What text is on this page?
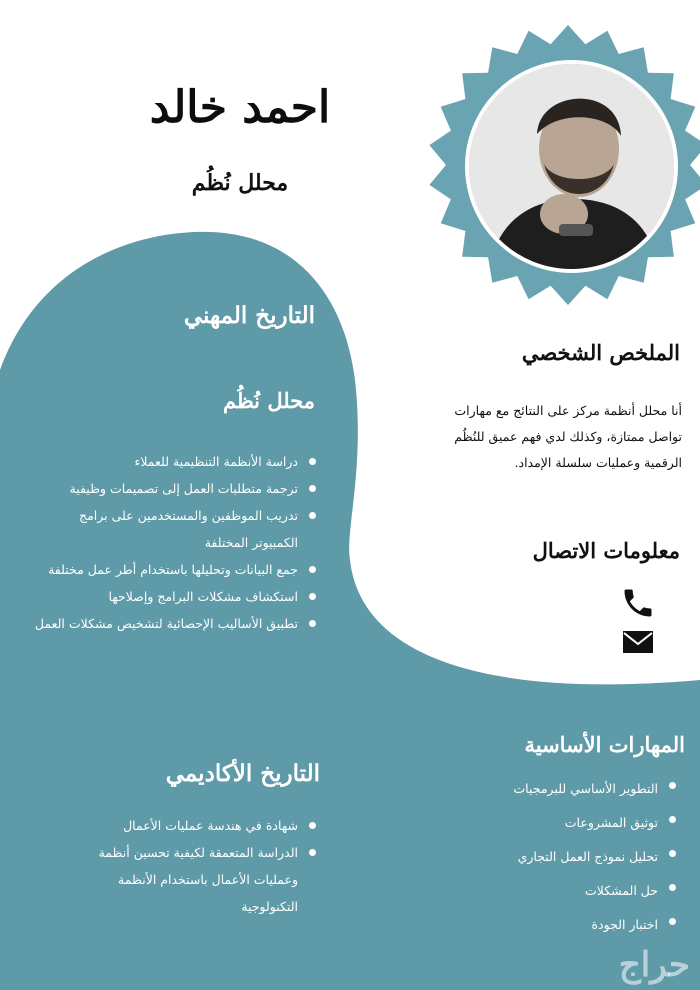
احمد خالد
محلل نُظُم
التاريخ المهني
محلل نُظُم
دراسة الأنظمة التنظيمية للعملاء
ترجمة متطلبات العمل إلى تصميمات وظيفية
تدريب الموظفين والمستخدمين على برامج الكمبيوتر المختلفة
جمع البيانات وتحليلها باستخدام أطر عمل مختلفة
استكشاف مشكلات البرامج وإصلاحها
تطبيق الأساليب الإحصائية لتشخيص مشكلات العمل
التاريخ الأكاديمي
شهادة في هندسة عمليات الأعمال
الدراسة المتعمقة لكيفية تحسين أنظمة وعمليات الأعمال باستخدام الأنظمة التكنولوجية
الملخص الشخصي
أنا محلل أنظمة مركز على النتائج مع مهارات تواصل ممتازة، وكذلك لدي فهم عميق للنُظُم الرقمية وعمليات سلسلة الإمداد.
معلومات الاتصال
المهارات الأساسية
التطوير الأساسي للبرمجيات
توثيق المشروعات
تحليل نموذج العمل التجاري
حل المشكلات
اختبار الجودة
حراج
